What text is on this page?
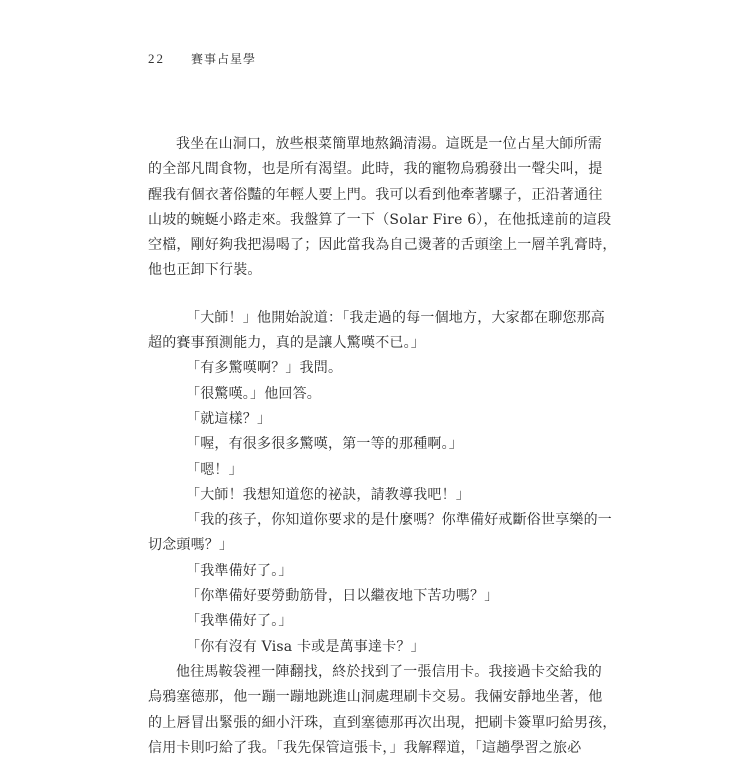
22 賽事占星學
我坐在山洞口，放些根菜簡單地熬鍋清湯。這既是一位占星大師所需
的全部凡間食物，也是所有渴望。此時，我的寵物烏鴉發出一聲尖叫，提
醒我有個衣著俗豔的年輕人要上門。我可以看到他牽著騾子，正沿著通往
山坡的蜿蜒小路走來。我盤算了一下（Solar Fire 6），在他抵達前的這段
空檔，剛好夠我把湯喝了；因此當我為自己燙著的舌頭塗上一層羊乳膏時，
他也正卸下行裝。
「大師！」他開始說道：「我走過的每一個地方，大家都在聊您那高
超的賽事預測能力，真的是讓人驚嘆不已。」
「有多驚嘆啊？」我問。
「很驚嘆。」他回答。
「就這樣？」
「喔，有很多很多驚嘆，第一等的那種啊。」
「嗯！」
「大師！我想知道您的祕訣，請教導我吧！」
「我的孩子，你知道你要求的是什麼嗎？你準備好戒斷俗世享樂的一
切念頭嗎？」
「我準備好了。」
「你準備好要勞動筋骨，日以繼夜地下苦功嗎？」
「我準備好了。」
「你有沒有 Visa 卡或是萬事達卡？」
他往馬鞍袋裡一陣翻找，終於找到了一張信用卡。我接過卡交給我的
烏鴉塞德那，他一蹦一蹦地跳進山洞處理刷卡交易。我倆安靜地坐著，他
的上唇冒出緊張的細小汗珠，直到塞德那再次出現，把刷卡簽單叼給男孩，
信用卡則叼給了我。「我先保管這張卡，」我解釋道，「這趟學習之旅必
